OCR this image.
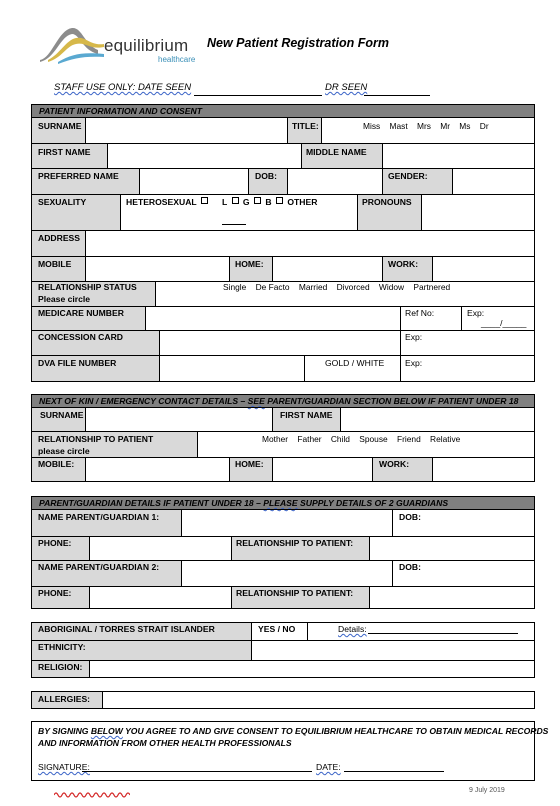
equilibrium
healthcare
New Patient Registration Form
STAFF USE ONLY: DATE SEEN	DR SEEN
PATIENT INFORMATION AND CONSENT
SURNAME	TITLE:	Miss    Mast    Mrs    Mr    Ms    Dr
FIRST NAME	MIDDLE NAME
PREFERRED NAME	DOB:	GENDER:
SEXUALITY	HETEROSEXUAL	L G B OTHER	PRONOUNS
ADDRESS
MOBILE	HOME:	WORK:
RELATIONSHIP STATUS
Please circle
Single    De Facto    Married    Divorced    Widow    Partnered
MEDICARE NUMBER	Ref No:	Exp:
____/_____
CONCESSION CARD	Exp:
DVA FILE NUMBER	GOLD / WHITE Exp:
NEXT OF KIN / EMERGENCY CONTACT DETAILS – SEE PARENT/GUARDIAN SECTION BELOW IF PATIENT UNDER 18
SURNAME	FIRST NAME
RELATIONSHIP TO PATIENT
please circle
Mother    Father    Child    Spouse    Friend    Relative
MOBILE:	HOME:	WORK:
PARENT/GUARDIAN DETAILS IF PATIENT UNDER 18 – PLEASE SUPPLY DETAILS OF 2 GUARDIANS
NAME PARENT/GUARDIAN 1:	DOB:
PHONE:	RELATIONSHIP TO PATIENT:
NAME PARENT/GUARDIAN 2:	DOB:
PHONE:	RELATIONSHIP TO PATIENT:
ABORIGINAL / TORRES STRAIT ISLANDER	YES / NO	Details:
ETHNICITY:
RELIGION:
ALLERGIES:
BY SIGNING BELOW YOU AGREE TO AND GIVE CONSENT TO EQUILIBRIUM HEALTHCARE TO OBTAIN MEDICAL RECORDS
AND INFORMATION FROM OTHER HEALTH PROFESSIONALS
SIGNATURE:	DATE:
9 July 2019
